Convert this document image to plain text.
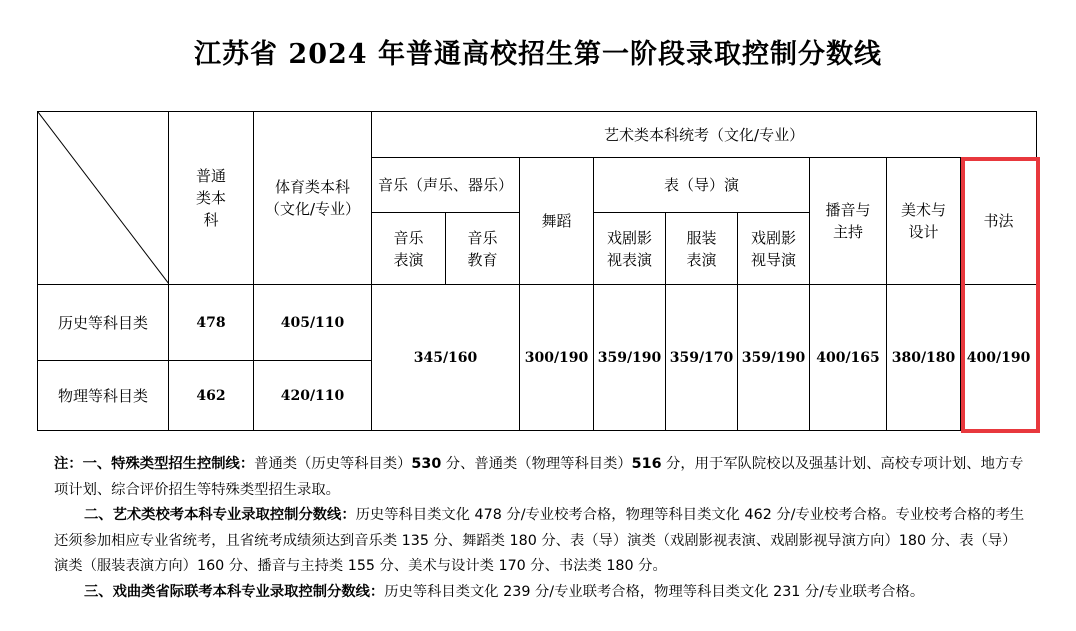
江苏省 2024 年普通高校招生第一阶段录取控制分数线

普通类本科	体育类本科（文化/专业）	艺术类本科统考（文化/专业）								
			音乐（声乐、器乐）		舞蹈	表（导）演			播音与主持	美术与设计	书法

			音乐表演	音乐教育		戏剧影视表演	服装表演	戏剧影视导演			

历史等科目类	478	405/110	345/160		300/190	359/190	359/170	359/190	400/165	380/180	400/190
物理等科目类	462	420/110									

注：一、特殊类型招生控制线：普通类（历史等科目类）530 分、普通类（物理等科目类）516 分，用于军队院校以及强基计划、高校专项计划、地方专项计划、综合评价招生等特殊类型招生录取。

二、艺术类校考本科专业录取控制分数线：历史等科目类文化 478 分/专业校考合格，物理等科目类文化 462 分/专业校考合格。专业校考合格的考生还须参加相应专业省统考，且省统考成绩须达到音乐类 135 分、舞蹈类 180 分、表（导）演类（戏剧影视表演、戏剧影视导演方向）180 分、表（导）演类（服装表演方向）160 分、播音与主持类 155 分、美术与设计类 170 分、书法类 180 分。

三、戏曲类省际联考本科专业录取控制分数线：历史等科目类文化 239 分/专业联考合格，物理等科目类文化 231 分/专业联考合格。
